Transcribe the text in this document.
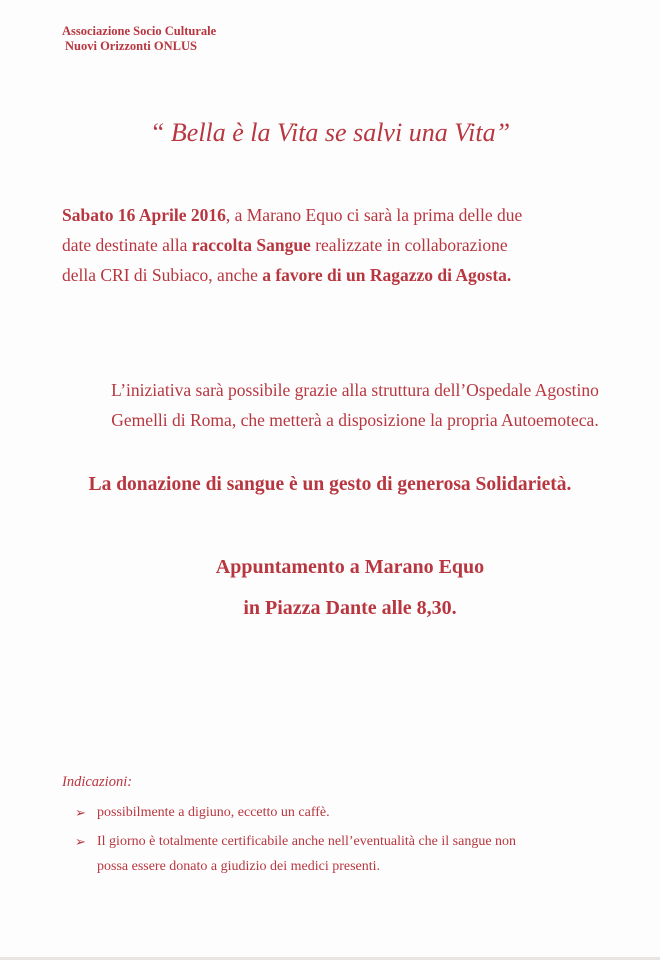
Associazione Socio Culturale
Nuovi Orizzonti ONLUS
“ Bella è la Vita se salvi una Vita”
Sabato 16 Aprile 2016, a Marano Equo ci sarà la prima delle due
date destinate alla raccolta Sangue realizzate in collaborazione
della CRI di Subiaco, anche a favore di un Ragazzo di Agosta.
L’iniziativa sarà possibile grazie alla struttura dell’Ospedale Agostino
Gemelli di Roma, che metterà a disposizione la propria Autoemoteca.
La donazione di sangue è un gesto di generosa Solidarietà.
Appuntamento a Marano Equo
in Piazza Dante alle 8,30.
Indicazioni:
➢ possibilmente a digiuno, eccetto un caffè.
➢ Il giorno è totalmente certificabile anche nell’eventualità che il sangue non
possa essere donato a giudizio dei medici presenti.
